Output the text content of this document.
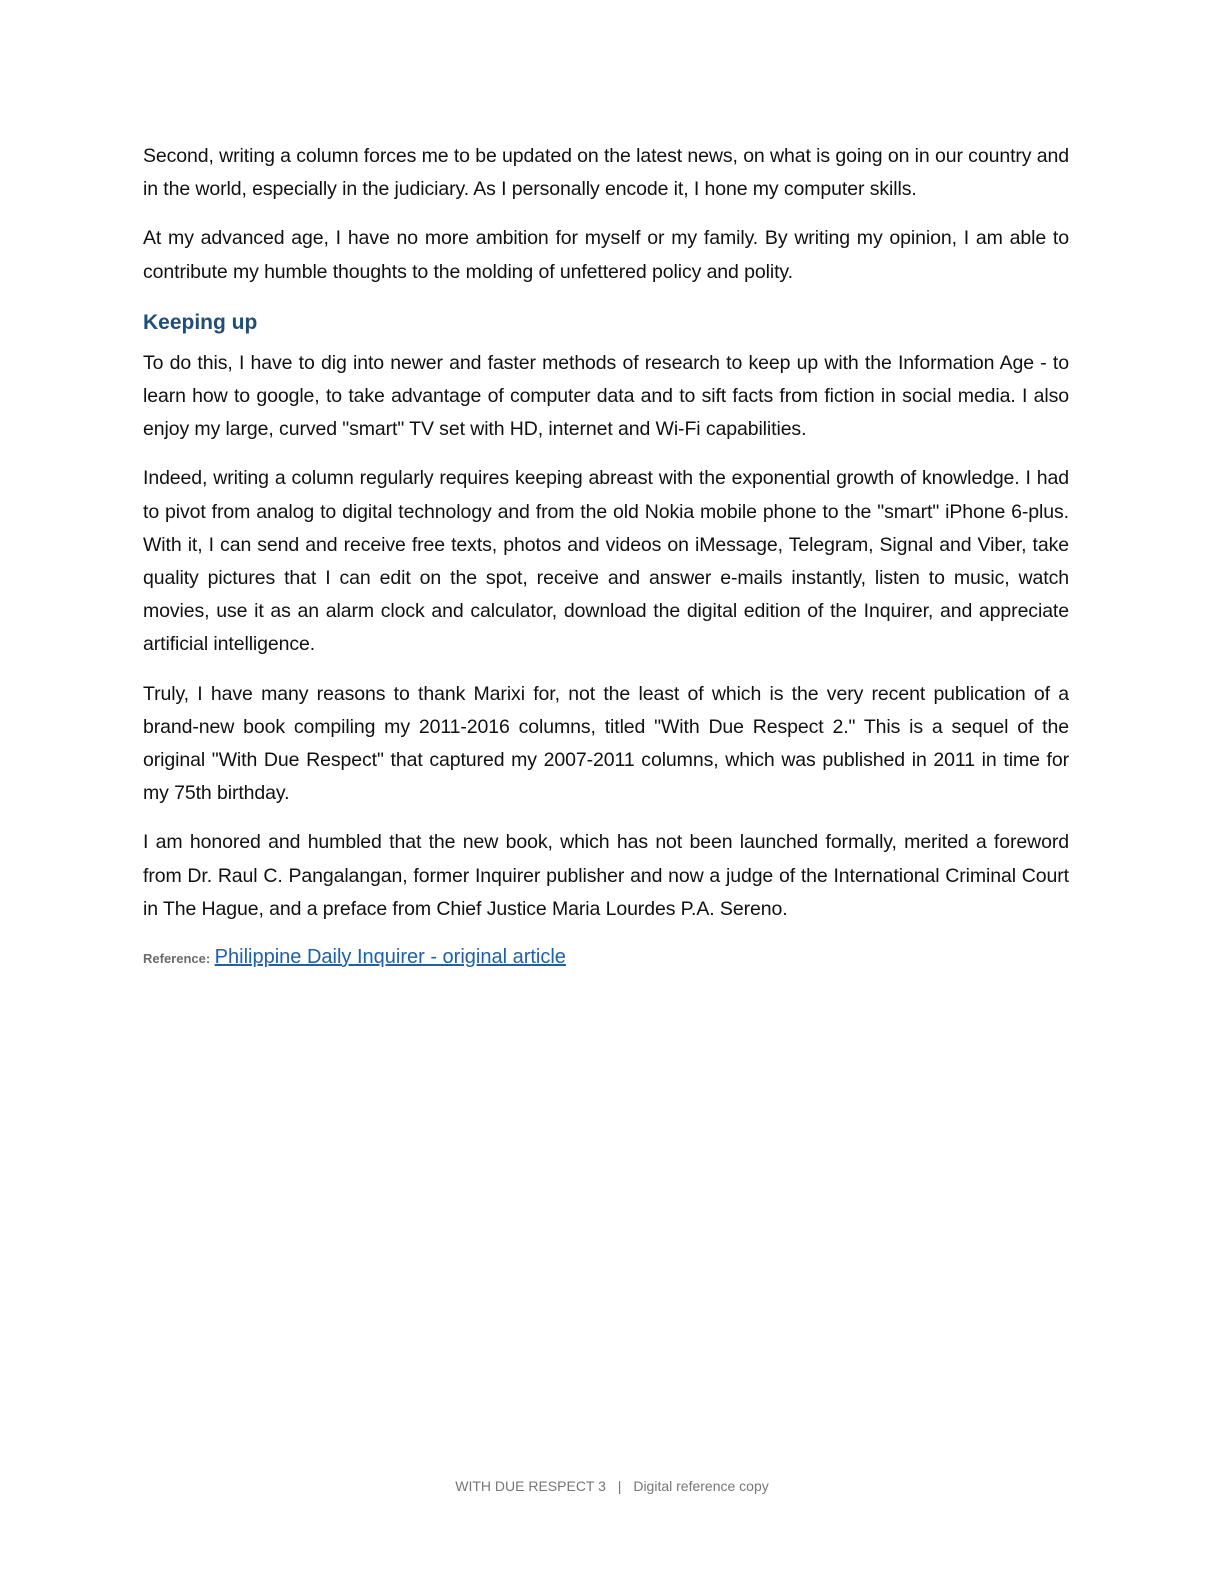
Second, writing a column forces me to be updated on the latest news, on what is going on in our country and in the world, especially in the judiciary. As I personally encode it, I hone my computer skills.

At my advanced age, I have no more ambition for myself or my family. By writing my opinion, I am able to contribute my humble thoughts to the molding of unfettered policy and polity.

Keeping up

To do this, I have to dig into newer and faster methods of research to keep up with the Information Age - to learn how to google, to take advantage of computer data and to sift facts from fiction in social media. I also enjoy my large, curved "smart" TV set with HD, internet and Wi-Fi capabilities.

Indeed, writing a column regularly requires keeping abreast with the exponential growth of knowledge. I had to pivot from analog to digital technology and from the old Nokia mobile phone to the "smart" iPhone 6-plus. With it, I can send and receive free texts, photos and videos on iMessage, Telegram, Signal and Viber, take quality pictures that I can edit on the spot, receive and answer e-mails instantly, listen to music, watch movies, use it as an alarm clock and calculator, download the digital edition of the Inquirer, and appreciate artificial intelligence.

Truly, I have many reasons to thank Marixi for, not the least of which is the very recent publication of a brand-new book compiling my 2011-2016 columns, titled "With Due Respect 2." This is a sequel of the original "With Due Respect" that captured my 2007-2011 columns, which was published in 2011 in time for my 75th birthday.

I am honored and humbled that the new book, which has not been launched formally, merited a foreword from Dr. Raul C. Pangalangan, former Inquirer publisher and now a judge of the International Criminal Court in The Hague, and a preface from Chief Justice Maria Lourdes P.A. Sereno.

Reference: Philippine Daily Inquirer - original article
WITH DUE RESPECT 3 | Digital reference copy
